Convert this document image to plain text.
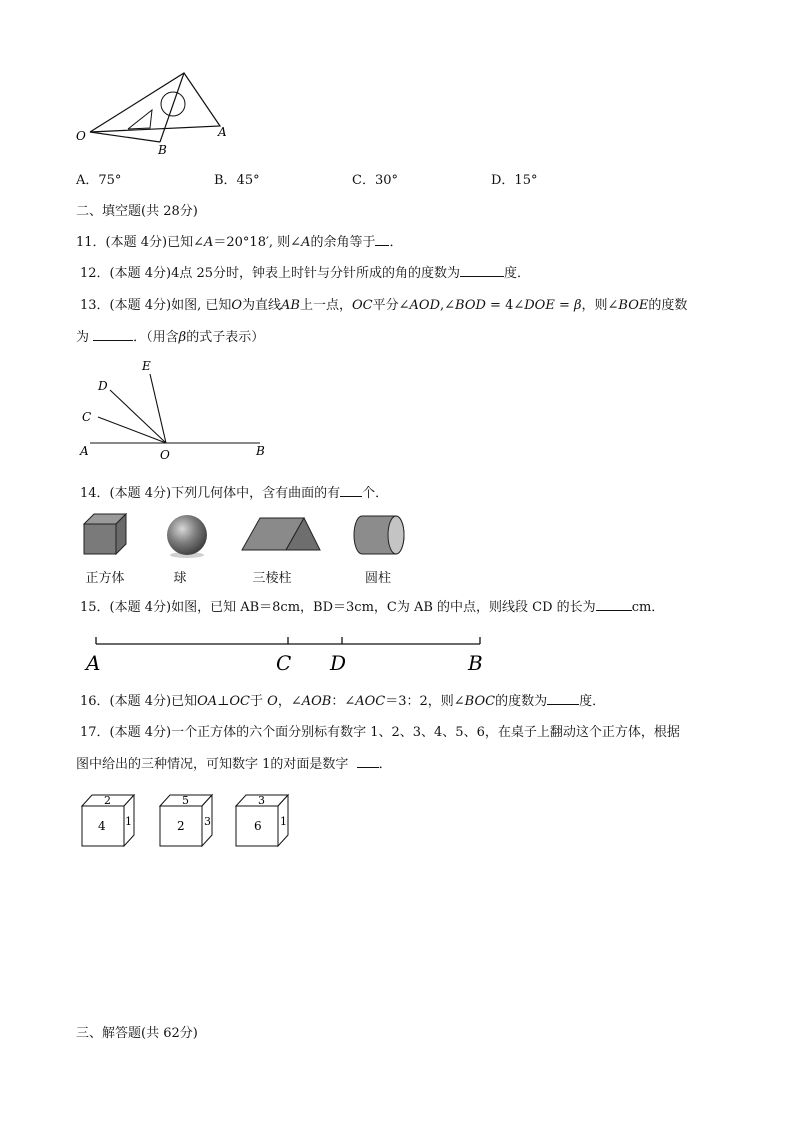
O
B
A
A．75°	B．45°	C．30°	D．15°
二、填空题(共 28分)
11．(本题 4分)已知∠A＝20°18′, 则∠A的余角等于 ．
12．(本题 4分)4点 25分时，钟表上时针与分针所成的角的度数为	度．
13．(本题 4分)如图, 已知O为直线AB上一点，OC平分∠AOD,∠BOD = 4∠DOE = β，则∠BOE的度数
为	．（用含β的式子表示）
E
D
C
A	O	B
14．(本题 4分)下列几何体中，含有曲面的有 个．
正方体	球	三棱柱	圆柱
15．(本题 4分)如图，已知 AB＝8cm，BD＝3cm，C为 AB 的中点，则线段 CD 的长为	cm．
A	C D	B
16．(本题 4分)已知OA⊥OC于 O，∠AOB：∠AOC＝3：2，则∠BOC的度数为 度．
17．(本题 4分)一个正方体的六个面分别标有数字 1、2、3、4、5、6，在桌子上翻动这个正方体，根据
图中给出的三种情况，可知数字 1的对面是数字 ．
2
4 1
5
2 3
3
6 1
三、解答题(共 62分)
